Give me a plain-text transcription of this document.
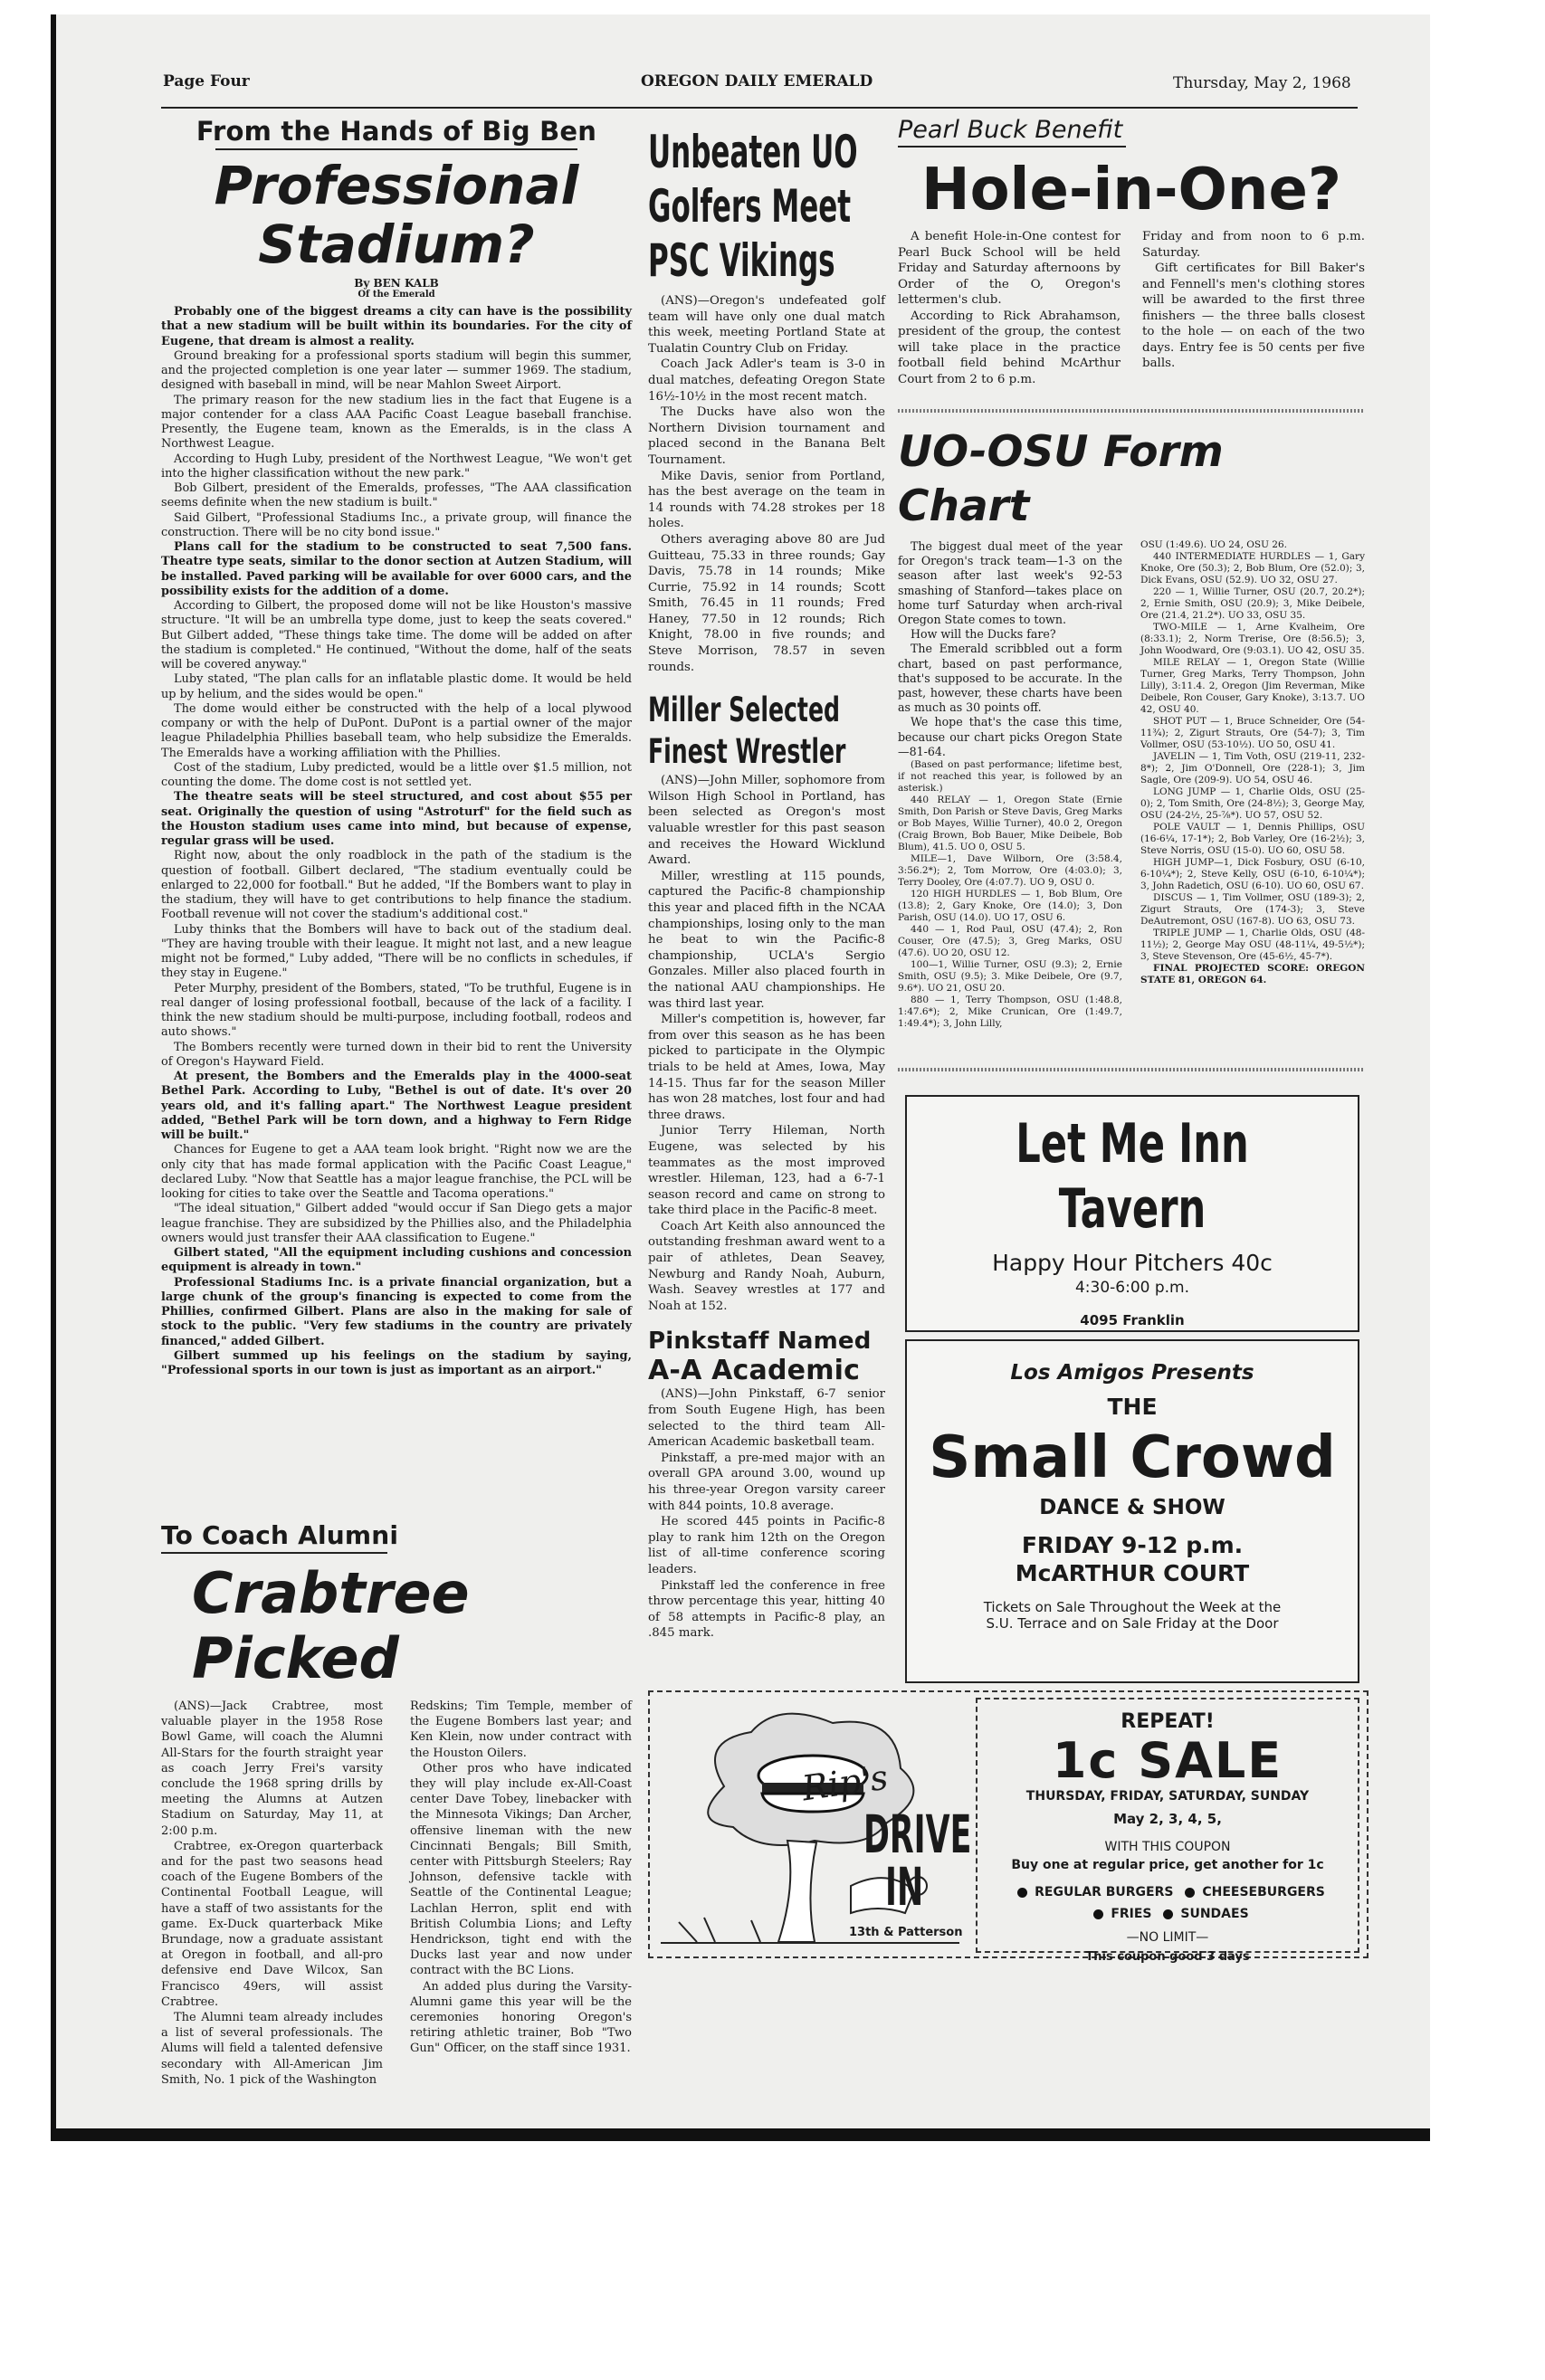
Page Four	OREGON DAILY EMERALD	Thursday, May 2, 1968
From the Hands of Big Ben
Professional
Stadium?
By BEN KALB
Of the Emerald

Probably one of the biggest dreams a city can have is the possibility that a new stadium will be built within its boundaries. For the city of Eugene, that dream is almost a reality.

Ground breaking for a professional sports stadium will begin this summer, and the projected completion is one year later — summer 1969. The stadium, designed with baseball in mind, will be near Mahlon Sweet Airport.

The primary reason for the new stadium lies in the fact that Eugene is a major contender for a class AAA Pacific Coast League baseball franchise. Presently, the Eugene team, known as the Emeralds, is in the class A Northwest League.

According to Hugh Luby, president of the Northwest League, "We won't get into the higher classification without the new park."

Bob Gilbert, president of the Emeralds, professes, "The AAA classification seems definite when the new stadium is built."

Said Gilbert, "Professional Stadiums Inc., a private group, will finance the construction. There will be no city bond issue."

Plans call for the stadium to be constructed to seat 7,500 fans. Theatre type seats, similar to the donor section at Autzen Stadium, will be installed. Paved parking will be available for over 6000 cars, and the possibility exists for the addition of a dome.

According to Gilbert, the proposed dome will not be like Houston's massive structure. "It will be an umbrella type dome, just to keep the seats covered." But Gilbert added, "These things take time. The dome will be added on after the stadium is completed." He continued, "Without the dome, half of the seats will be covered anyway."

Luby stated, "The plan calls for an inflatable plastic dome. It would be held up by helium, and the sides would be open."

The dome would either be constructed with the help of a local plywood company or with the help of DuPont. DuPont is a partial owner of the major league Philadelphia Phillies baseball team, who help subsidize the Emeralds. The Emeralds have a working affiliation with the Phillies.

Cost of the stadium, Luby predicted, would be a little over $1.5 million, not counting the dome. The dome cost is not settled yet.

The theatre seats will be steel structured, and cost about $55 per seat. Originally the question of using "Astroturf" for the field such as the Houston stadium uses came into mind, but because of expense, regular grass will be used.

Right now, about the only roadblock in the path of the stadium is the question of football. Gilbert declared, "The stadium eventually could be enlarged to 22,000 for football." But he added, "If the Bombers want to play in the stadium, they will have to get contributions to help finance the stadium. Football revenue will not cover the stadium's additional cost."

Luby thinks that the Bombers will have to back out of the stadium deal. "They are having trouble with their league. It might not last, and a new league might not be formed," Luby added, "There will be no conflicts in schedules, if they stay in Eugene."

Peter Murphy, president of the Bombers, stated, "To be truthful, Eugene is in real danger of losing professional football, because of the lack of a facility. I think the new stadium should be multi-purpose, including football, rodeos and auto shows."

The Bombers recently were turned down in their bid to rent the University of Oregon's Hayward Field.

At present, the Bombers and the Emeralds play in the 4000-seat Bethel Park. According to Luby, "Bethel is out of date. It's over 20 years old, and it's falling apart." The Northwest League president added, "Bethel Park will be torn down, and a highway to Fern Ridge will be built."

Chances for Eugene to get a AAA team look bright. "Right now we are the only city that has made formal application with the Pacific Coast League," declared Luby. "Now that Seattle has a major league franchise, the PCL will be looking for cities to take over the Seattle and Tacoma operations."

"The ideal situation," Gilbert added "would occur if San Diego gets a major league franchise. They are subsidized by the Phillies also, and the Philadelphia owners would just transfer their AAA classification to Eugene."

Gilbert stated, "All the equipment including cushions and concession equipment is already in town."

Professional Stadiums Inc. is a private financial organization, but a large chunk of the group's financing is expected to come from the Phillies, confirmed Gilbert. Plans are also in the making for sale of stock to the public. "Very few stadiums in the country are privately financed," added Gilbert.

Gilbert summed up his feelings on the stadium by saying, "Professional sports in our town is just as important as an airport."

To Coach Alumni
Crabtree Picked

(ANS)—Jack Crabtree, most valuable player in the 1958 Rose Bowl Game, will coach the Alumni All-Stars for the fourth straight year as coach Jerry Frei's varsity conclude the 1968 spring drills by meeting the Alumns at Autzen Stadium on Saturday, May 11, at 2:00 p.m.

Crabtree, ex-Oregon quarterback and for the past two seasons head coach of the Eugene Bombers of the Continental Football League, will have a staff of two assistants for the game. Ex-Duck quarterback Mike Brundage, now a graduate assistant at Oregon in football, and all-pro defensive end Dave Wilcox, San Francisco 49ers, will assist Crabtree.

The Alumni team already includes a list of several professionals. The Alums will field a talented defensive secondary with All-American Jim Smith, No. 1 pick of the Washington

Redskins; Tim Temple, member of the Eugene Bombers last year; and Ken Klein, now under contract with the Houston Oilers.

Other pros who have indicated they will play include ex-All-Coast center Dave Tobey, linebacker with the Minnesota Vikings; Dan Archer, offensive lineman with the new Cincinnati Bengals; Bill Smith, center with Pittsburgh Steelers; Ray Johnson, defensive tackle with Seattle of the Continental League; Lachlan Herron, split end with British Columbia Lions; and Lefty Hendrickson, tight end with the Ducks last year and now under contract with the BC Lions.

An added plus during the Varsity-Alumni game this year will be the ceremonies honoring Oregon's retiring athletic trainer, Bob "Two Gun" Officer, on the staff since 1931.

Unbeaten UO
Golfers Meet
PSC Vikings

(ANS)—Oregon's undefeated golf team will have only one dual match this week, meeting Portland State at Tualatin Country Club on Friday.

Coach Jack Adler's team is 3-0 in dual matches, defeating Oregon State 16½-10½ in the most recent match.

The Ducks have also won the Northern Division tournament and placed second in the Banana Belt Tournament.

Mike Davis, senior from Portland, has the best average on the team in 14 rounds with 74.28 strokes per 18 holes.

Others averaging above 80 are Jud Guitteau, 75.33 in three rounds; Gay Davis, 75.78 in 14 rounds; Mike Currie, 75.92 in 14 rounds; Scott Smith, 76.45 in 11 rounds; Fred Haney, 77.50 in 12 rounds; Rich Knight, 78.00 in five rounds; and Steve Morrison, 78.57 in seven rounds.

Miller Selected
Finest Wrestler

(ANS)—John Miller, sophomore from Wilson High School in Portland, has been selected as Oregon's most valuable wrestler for this past season and receives the Howard Wicklund Award.

Miller, wrestling at 115 pounds, captured the Pacific-8 championship this year and placed fifth in the NCAA championships, losing only to the man he beat to win the Pacific-8 championship, UCLA's Sergio Gonzales. Miller also placed fourth in the national AAU championships. He was third last year.

Miller's competition is, however, far from over this season as he has been picked to participate in the Olympic trials to be held at Ames, Iowa, May 14-15. Thus far for the season Miller has won 28 matches, lost four and had three draws.

Junior Terry Hileman, North Eugene, was selected by his teammates as the most improved wrestler. Hileman, 123, had a 6-7-1 season record and came on strong to take third place in the Pacific-8 meet.

Coach Art Keith also announced the outstanding freshman award went to a pair of athletes, Dean Seavey, Newburg and Randy Noah, Auburn, Wash. Seavey wrestles at 177 and Noah at 152.

Pinkstaff Named
A-A Academic

(ANS)—John Pinkstaff, 6-7 senior from South Eugene High, has been selected to the third team All-American Academic basketball team.

Pinkstaff, a pre-med major with an overall GPA around 3.00, wound up his three-year Oregon varsity career with 844 points, 10.8 average.

He scored 445 points in Pacific-8 play to rank him 12th on the Oregon list of all-time conference scoring leaders.

Pinkstaff led the conference in free throw percentage this year, hitting 40 of 58 attempts in Pacific-8 play, an .845 mark.

Pearl Buck Benefit
Hole-in-One?

A benefit Hole-in-One contest for Pearl Buck School will be held Friday and Saturday afternoons by Order of the O, Oregon's lettermen's club.

According to Rick Abrahamson, president of the group, the contest will take place in the practice football field behind McArthur Court from 2 to 6 p.m.

Friday and from noon to 6 p.m. Saturday.

Gift certificates for Bill Baker's and Fennell's men's clothing stores will be awarded to the first three finishers — the three balls closest to the hole — on each of the two days. Entry fee is 50 cents per five balls.

UO-OSU Form Chart

The biggest dual meet of the year for Oregon's track team—1-3 on the season after last week's 92-53 smashing of Stanford—takes place on home turf Saturday when arch-rival Oregon State comes to town.

How will the Ducks fare?

The Emerald scribbled out a form chart, based on past performance, that's supposed to be accurate. In the past, however, these charts have been as much as 30 points off.

We hope that's the case this time, because our chart picks Oregon State—81-64.

(Based on past performance; lifetime best, if not reached this year, is followed by an asterisk.)

440 RELAY — 1, Oregon State (Ernie Smith, Don Parish or Steve Davis, Greg Marks or Bob Mayes, Willie Turner), 40.0 2, Oregon (Craig Brown, Bob Bauer, Mike Deibele, Bob Blum), 41.5. UO 0, OSU 5.

MILE—1, Dave Wilborn, Ore (3:58.4, 3:56.2*); 2, Tom Morrow, Ore (4:03.0); 3, Terry Dooley, Ore (4:07.7). UO 9, OSU 0.

120 HIGH HURDLES — 1, Bob Blum, Ore (13.8); 2, Gary Knoke, Ore (14.0); 3, Don Parish, OSU (14.0). UO 17, OSU 6.

440 — 1, Rod Paul, OSU (47.4); 2, Ron Couser, Ore (47.5); 3, Greg Marks, OSU (47.6). UO 20, OSU 12.

100—1, Willie Turner, OSU (9.3); 2, Ernie Smith, OSU (9.5); 3. Mike Deibele, Ore (9.7, 9.6*). UO 21, OSU 20.

880 — 1, Terry Thompson, OSU (1:48.8, 1:47.6*); 2, Mike Crunican, Ore (1:49.7, 1:49.4*); 3, John Lilly,

OSU (1:49.6). UO 24, OSU 26.

440 INTERMEDIATE HURDLES — 1, Gary Knoke, Ore (50.3); 2, Bob Blum, Ore (52.0); 3, Dick Evans, OSU (52.9). UO 32, OSU 27.

220 — 1, Willie Turner, OSU (20.7, 20.2*); 2, Ernie Smith, OSU (20.9); 3, Mike Deibele, Ore (21.4, 21.2*). UO 33, OSU 35.

TWO-MILE — 1, Arne Kvalheim, Ore (8:33.1); 2, Norm Trerise, Ore (8:56.5); 3, John Woodward, Ore (9:03.1). UO 42, OSU 35.

MILE RELAY — 1, Oregon State (Willie Turner, Greg Marks, Terry Thompson, John Lilly), 3:11.4. 2, Oregon (Jim Reverman, Mike Deibele, Ron Couser, Gary Knoke), 3:13.7. UO 42, OSU 40.

SHOT PUT — 1, Bruce Schneider, Ore (54-11¾); 2, Zigurt Strauts, Ore (54-7); 3, Tim Vollmer, OSU (53-10½). UO 50, OSU 41.

JAVELIN — 1, Tim Voth, OSU (219-11, 232-8*); 2, Jim O'Donnell, Ore (228-1); 3, Jim Sagle, Ore (209-9). UO 54, OSU 46.

LONG JUMP — 1, Charlie Olds, OSU (25-0); 2, Tom Smith, Ore (24-8½); 3, George May, OSU (24-2½, 25-⅞*). UO 57, OSU 52.

POLE VAULT — 1, Dennis Phillips, OSU (16-6¼, 17-1*); 2, Bob Varley, Ore (16-2½); 3, Steve Norris, OSU (15-0). UO 60, OSU 58.

HIGH JUMP—1, Dick Fosbury, OSU (6-10, 6-10¼*); 2, Steve Kelly, OSU (6-10, 6-10¼*); 3, John Radetich, OSU (6-10). UO 60, OSU 67.

DISCUS — 1, Tim Vollmer, OSU (189-3); 2, Zigurt Strauts, Ore (174-3); 3, Steve DeAutremont, OSU (167-8). UO 63, OSU 73.

TRIPLE JUMP — 1, Charlie Olds, OSU (48-11½); 2, George May OSU (48-11¼, 49-5½*); 3, Steve Stevenson, Ore (45-6½, 45-7*).

FINAL PROJECTED SCORE: OREGON STATE 81, OREGON 64.

Let Me Inn Tavern
Happy Hour Pitchers 40c
4:30-6:00 p.m.
4095 Franklin
Los Amigos Presents
THE
Small Crowd
DANCE & SHOW
FRIDAY 9-12 p.m.
McARTHUR COURT
Tickets on Sale Throughout the Week at the
S.U. Terrace and on Sale Friday at the Door
Rip's
DRIVE
IN
13th & Patterson
REPEAT!
1c SALE
THURSDAY, FRIDAY, SATURDAY, SUNDAY
May 2, 3, 4, 5,
WITH THIS COUPON
Buy one at regular price, get another for 1c
REGULAR BURGERS CHEESEBURGERS
FRIES SUNDAES
—NO LIMIT—
This coupon good 3 days
